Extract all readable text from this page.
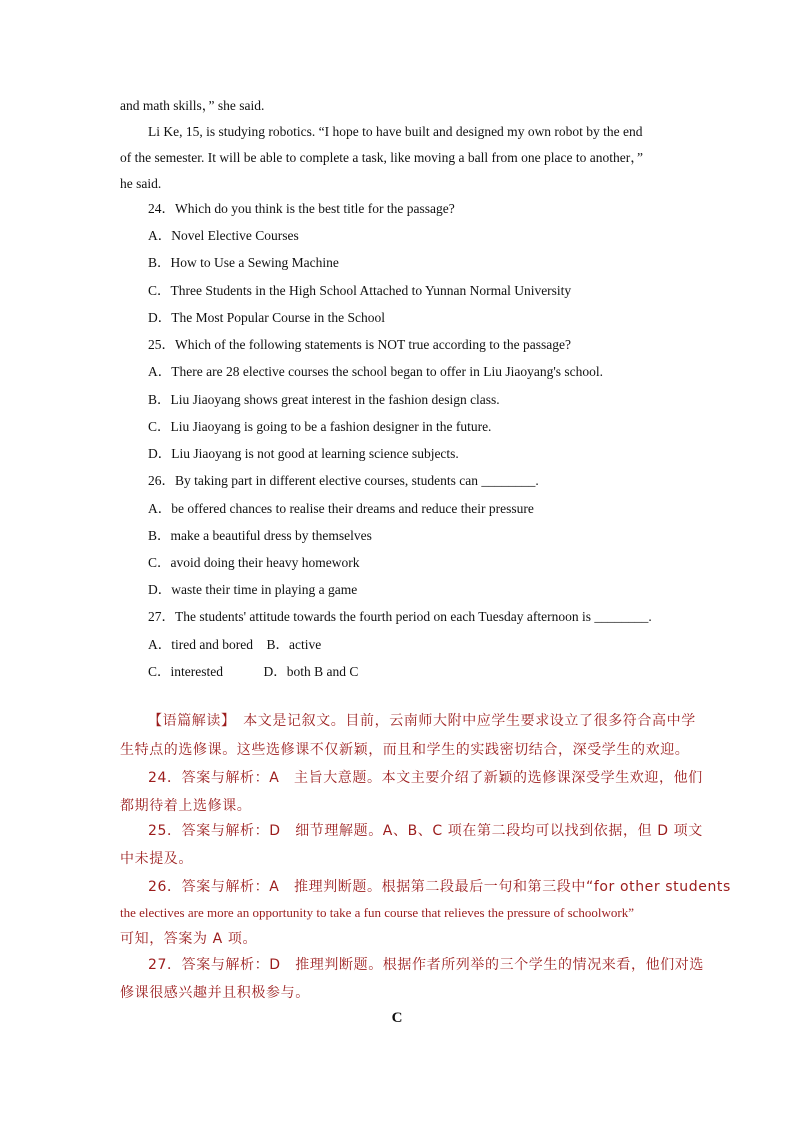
and math skills，” she said.
Li Ke, 15, is studying robotics. “I hope to have built and designed my own robot by the end
of the semester. It will be able to complete a task, like moving a ball from one place to another，”
he said.
24．Which do you think is the best title for the passage?
A．Novel Elective Courses
B．How to Use a Sewing Machine
C．Three Students in the High School Attached to Yunnan Normal University
D．The Most Popular Course in the School
25．Which of the following statements is NOT true according to the passage?
A．There are 28 elective courses the school began to offer in Liu Jiaoyang's school.
B．Liu Jiaoyang shows great interest in the fashion design class.
C．Liu Jiaoyang is going to be a fashion designer in the future.
D．Liu Jiaoyang is not good at learning science subjects.
26．By taking part in different elective courses, students can ________.
A．be offered chances to realise their dreams and reduce their pressure
B．make a beautiful dress by themselves
C．avoid doing their heavy homework
D．waste their time in playing a game
27．The students' attitude towards the fourth period on each Tuesday afternoon is ________.
A．tired and bored　B．active
C．interested　　　D．both B and C
【语篇解读】　本文是记叙文。目前，云南师大附中应学生要求设立了很多符合高中学
生特点的选修课。这些选修课不仅新颖，而且和学生的实践密切结合，深受学生的欢迎。
24．答案与解析：A　主旨大意题。本文主要介绍了新颖的选修课深受学生欢迎，他们
都期待着上选修课。
25．答案与解析：D　细节理解题。A、B、C 项在第二段均可以找到依据，但 D 项文
中未提及。
26．答案与解析：A　推理判断题。根据第二段最后一句和第三段中“for other students
the electives are more an opportunity to take a fun course that relieves the pressure of schoolwork”
可知，答案为 A 项。
27．答案与解析：D　推理判断题。根据作者所列举的三个学生的情况来看，他们对选
修课很感兴趣并且积极参与。
C
